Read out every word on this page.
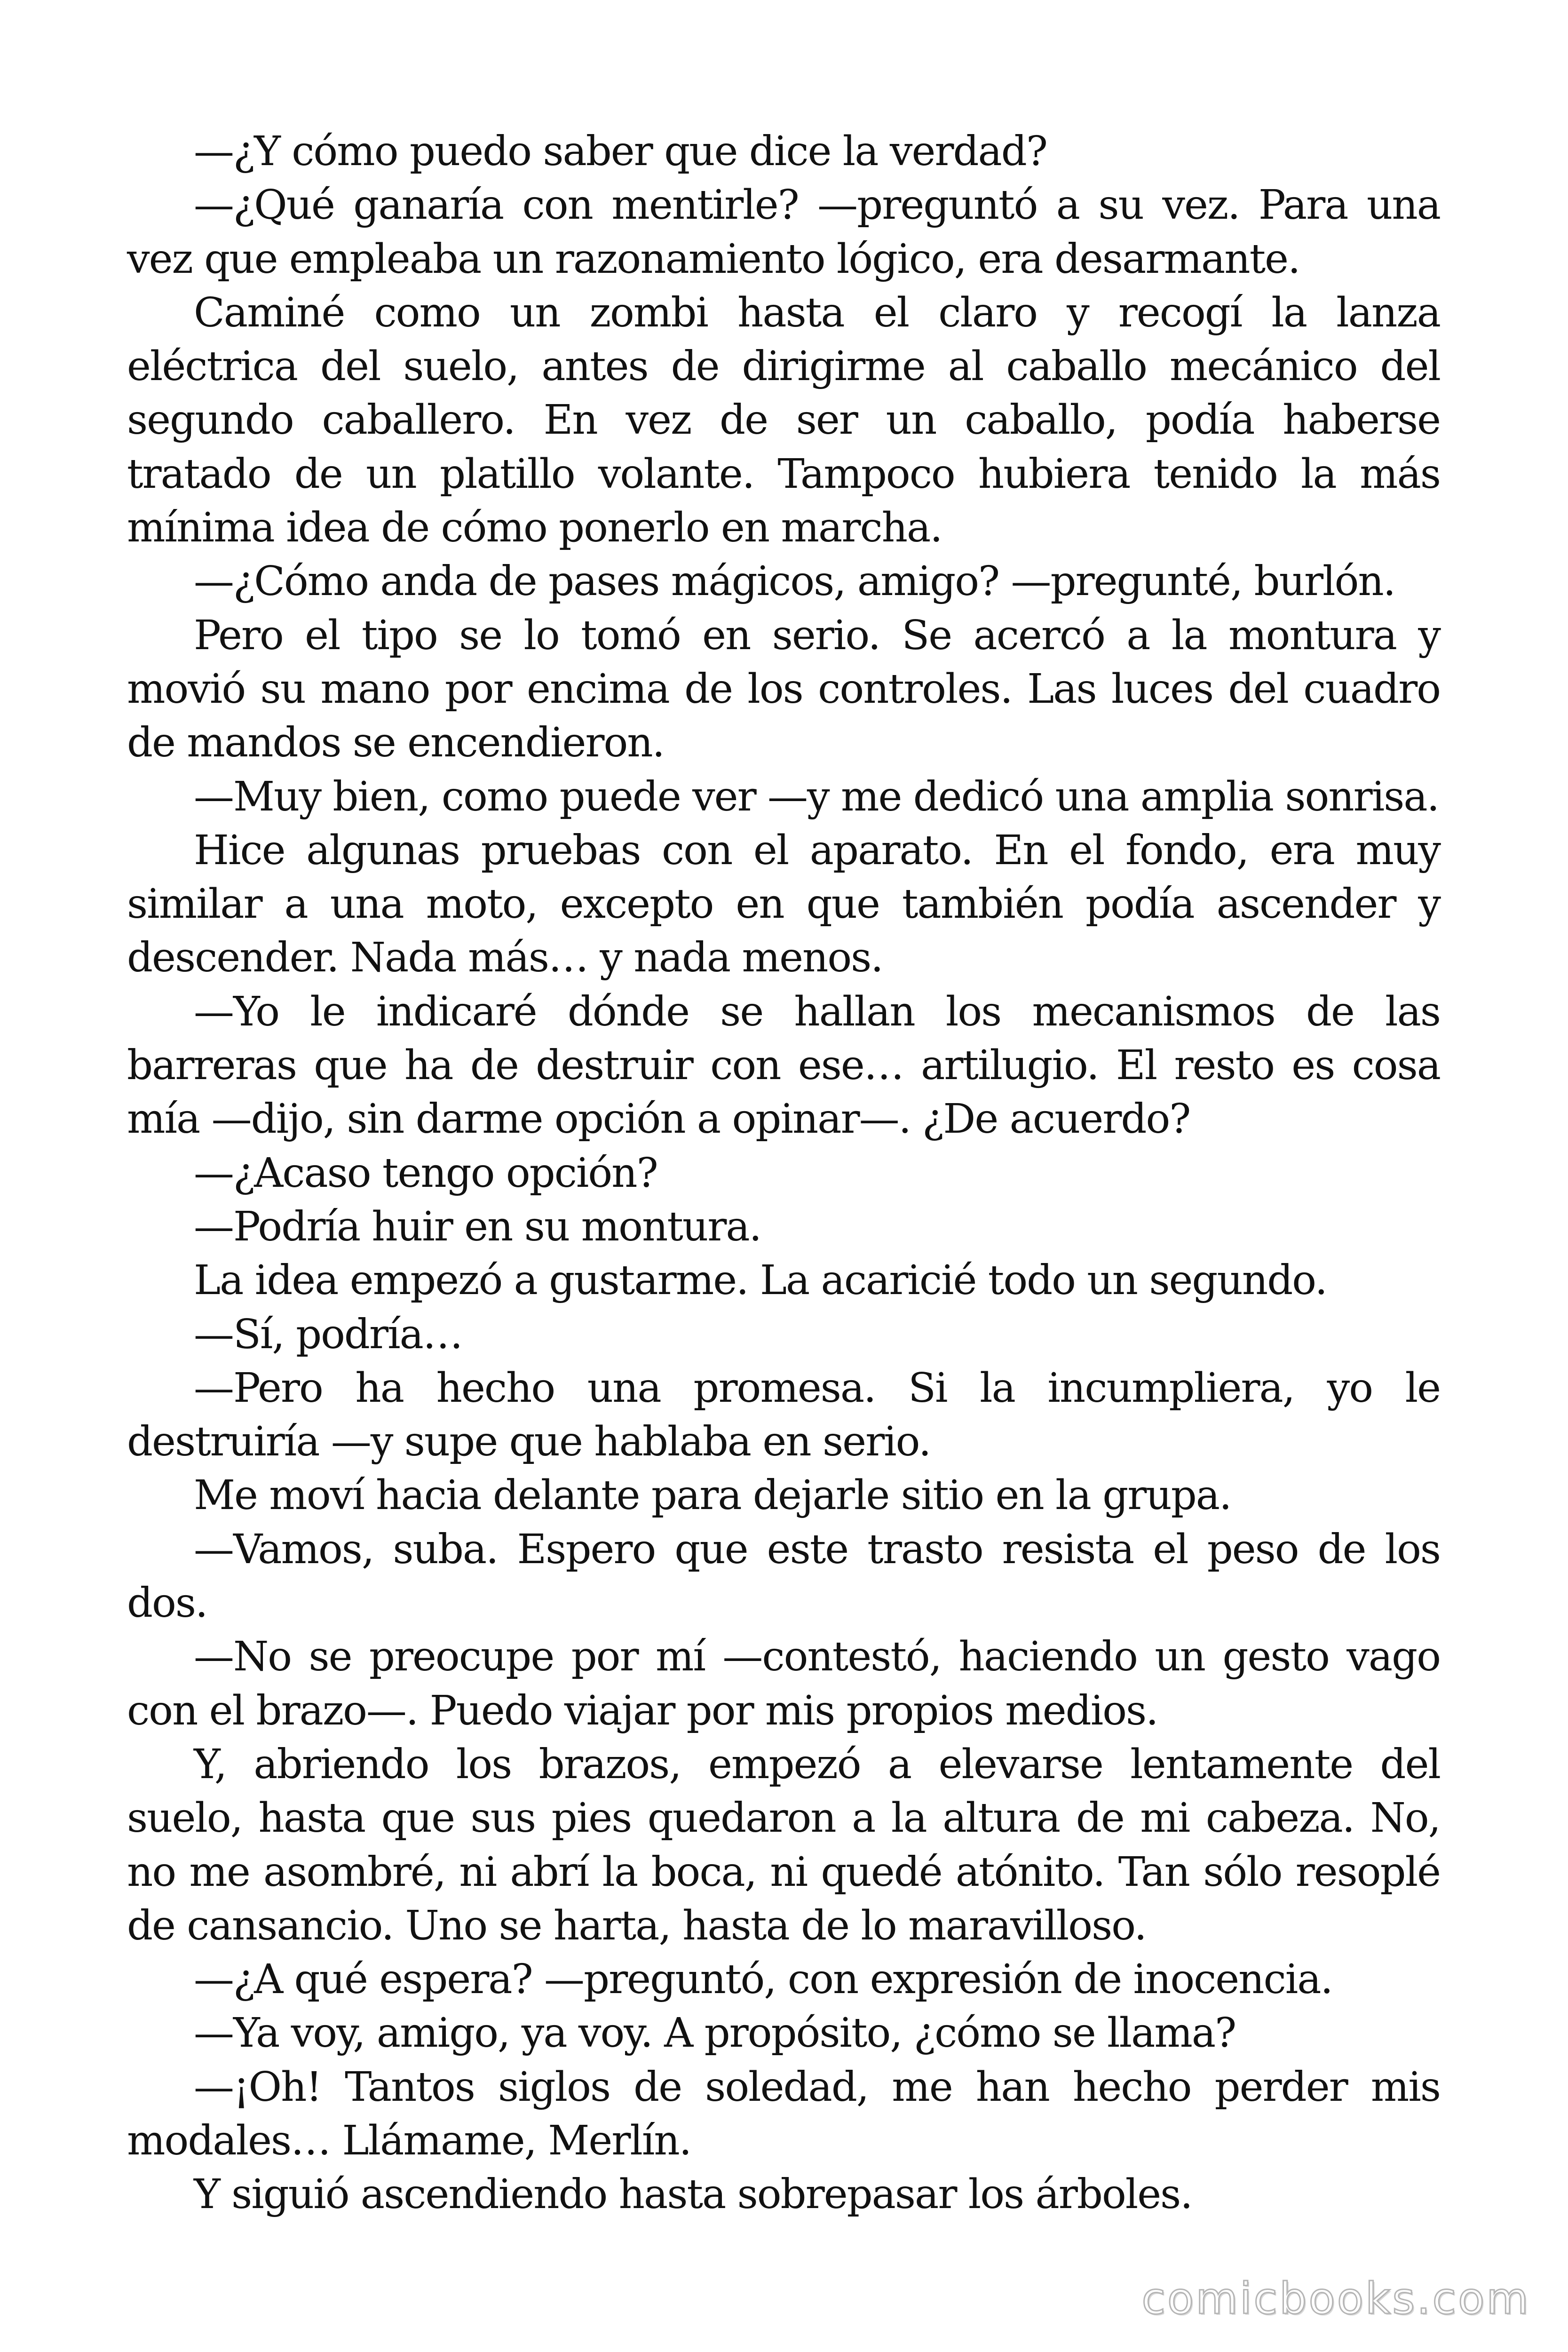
—¿Y cómo puedo saber que dice la verdad?

—¿Qué ganaría con mentirle? —preguntó a su vez. Para una vez que empleaba un razonamiento lógico, era desarmante.

Caminé como un zombi hasta el claro y recogí la lanza eléctrica del suelo, antes de dirigirme al caballo mecánico del segundo caballero. En vez de ser un caballo, podía haberse tratado de un platillo volante. Tampoco hubiera tenido la más mínima idea de cómo ponerlo en marcha.

—¿Cómo anda de pases mágicos, amigo? —pregunté, burlón.

Pero el tipo se lo tomó en serio. Se acercó a la montura y movió su mano por encima de los controles. Las luces del cuadro de mandos se encendieron.

—Muy bien, como puede ver —y me dedicó una amplia sonrisa.

Hice algunas pruebas con el aparato. En el fondo, era muy similar a una moto, excepto en que también podía ascender y descender. Nada más… y nada menos.

—Yo le indicaré dónde se hallan los mecanismos de las barreras que ha de destruir con ese… artilugio. El resto es cosa mía —dijo, sin darme opción a opinar—. ¿De acuerdo?

—¿Acaso tengo opción?

—Podría huir en su montura.

La idea empezó a gustarme. La acaricié todo un segundo.

—Sí, podría…

—Pero ha hecho una promesa. Si la incumpliera, yo le destruiría —y supe que hablaba en serio.

Me moví hacia delante para dejarle sitio en la grupa.

—Vamos, suba. Espero que este trasto resista el peso de los dos.

—No se preocupe por mí —contestó, haciendo un gesto vago con el brazo—. Puedo viajar por mis propios medios.

Y, abriendo los brazos, empezó a elevarse lentamente del suelo, hasta que sus pies quedaron a la altura de mi cabeza. No, no me asombré, ni abrí la boca, ni quedé atónito. Tan sólo resoplé de cansancio. Uno se harta, hasta de lo maravilloso.

—¿A qué espera? —preguntó, con expresión de inocencia.

—Ya voy, amigo, ya voy. A propósito, ¿cómo se llama?

—¡Oh! Tantos siglos de soledad, me han hecho perder mis modales… Llámame, Merlín.

Y siguió ascendiendo hasta sobrepasar los árboles.

comicbooks.com
